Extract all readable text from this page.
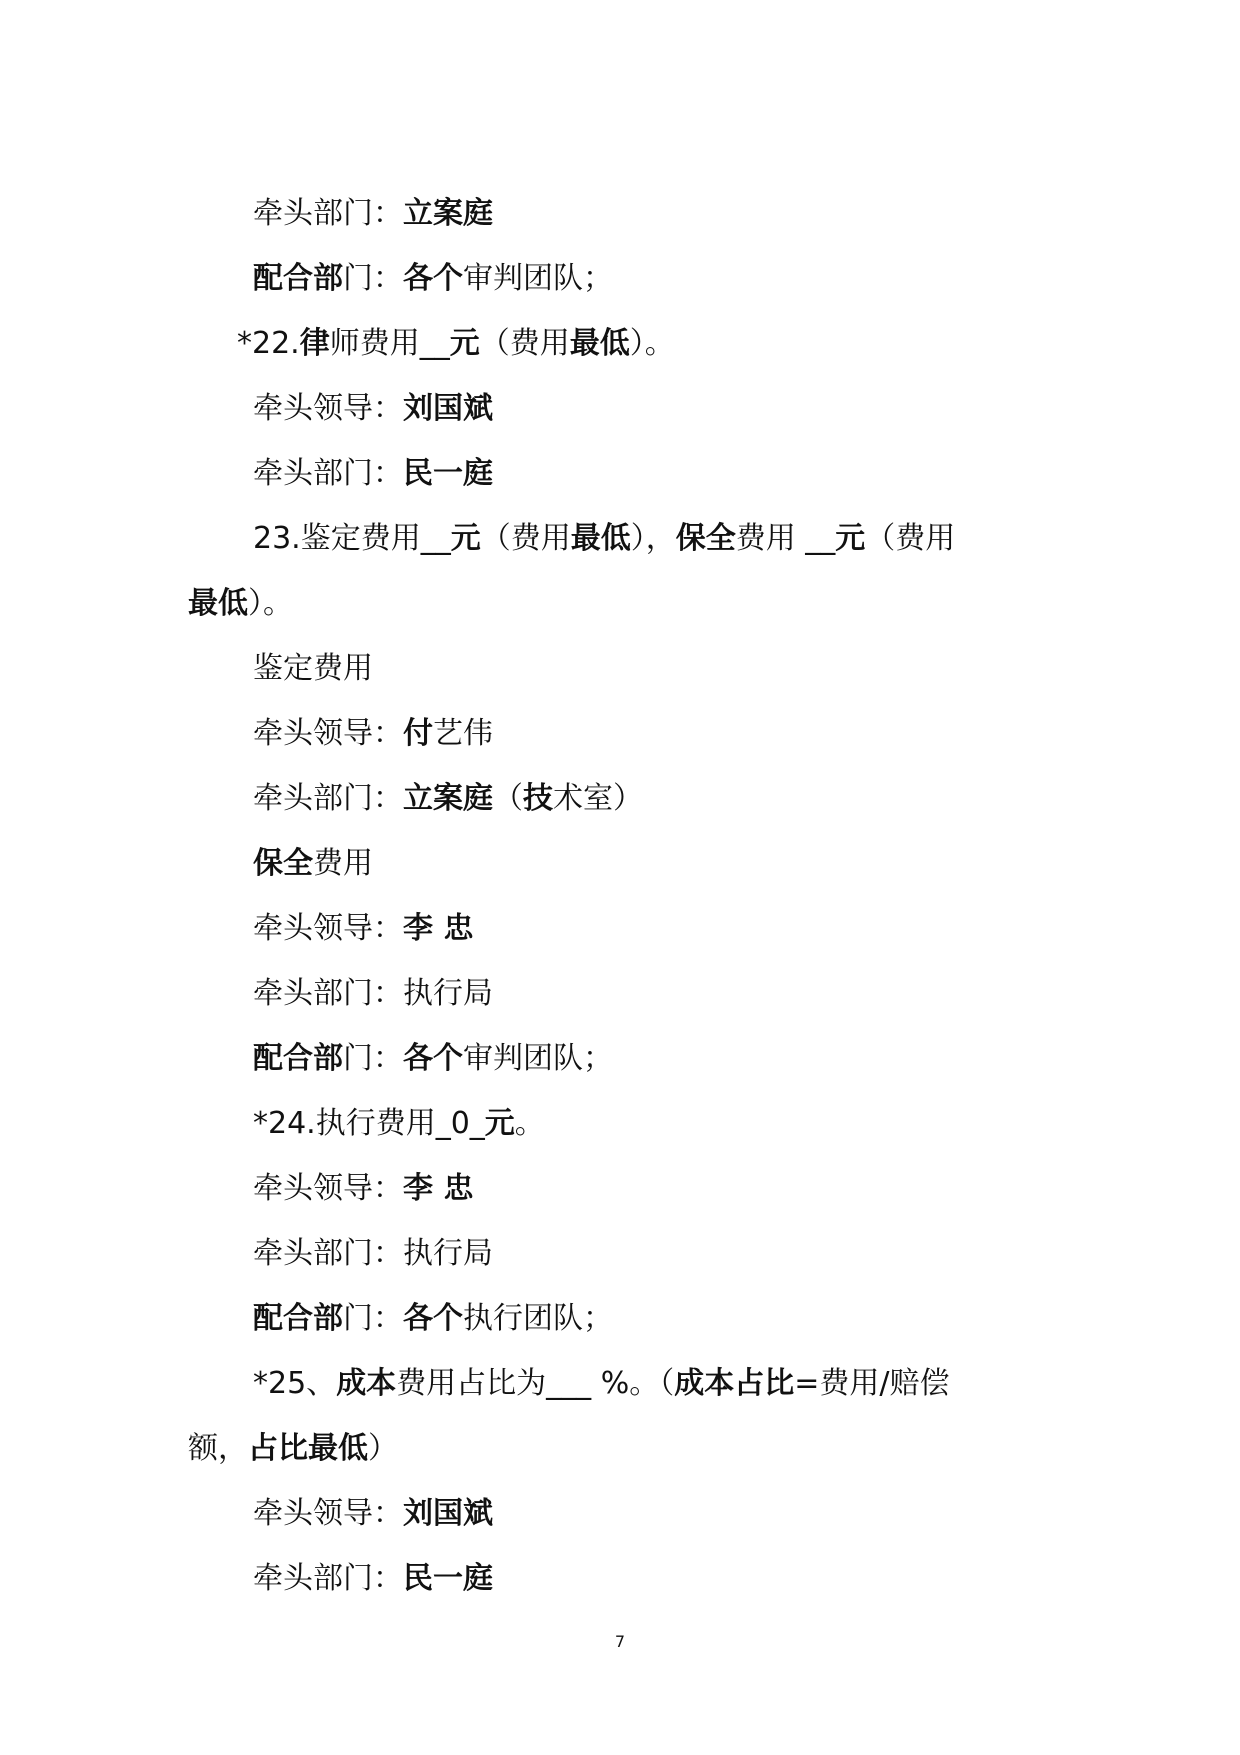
牵头部门：立案庭

配合部门：各个审判团队；

*22.律师费用__元（费用最低）。

牵头领导：刘国斌

牵头部门：民一庭

23.鉴定费用__元（费用最低），保全费用 __元（费用

最低）。

鉴定费用

牵头领导：付艺伟

牵头部门：立案庭（技术室）

保全费用

牵头领导：李 忠

牵头部门：执行局

配合部门：各个审判团队；

*24.执行费用_0_元。

牵头领导：李 忠

牵头部门：执行局

配合部门：各个执行团队；

*25、成本费用占比为___ %。（成本占比=费用/赔偿

额，占比最低）

牵头领导：刘国斌

牵头部门：民一庭

7
